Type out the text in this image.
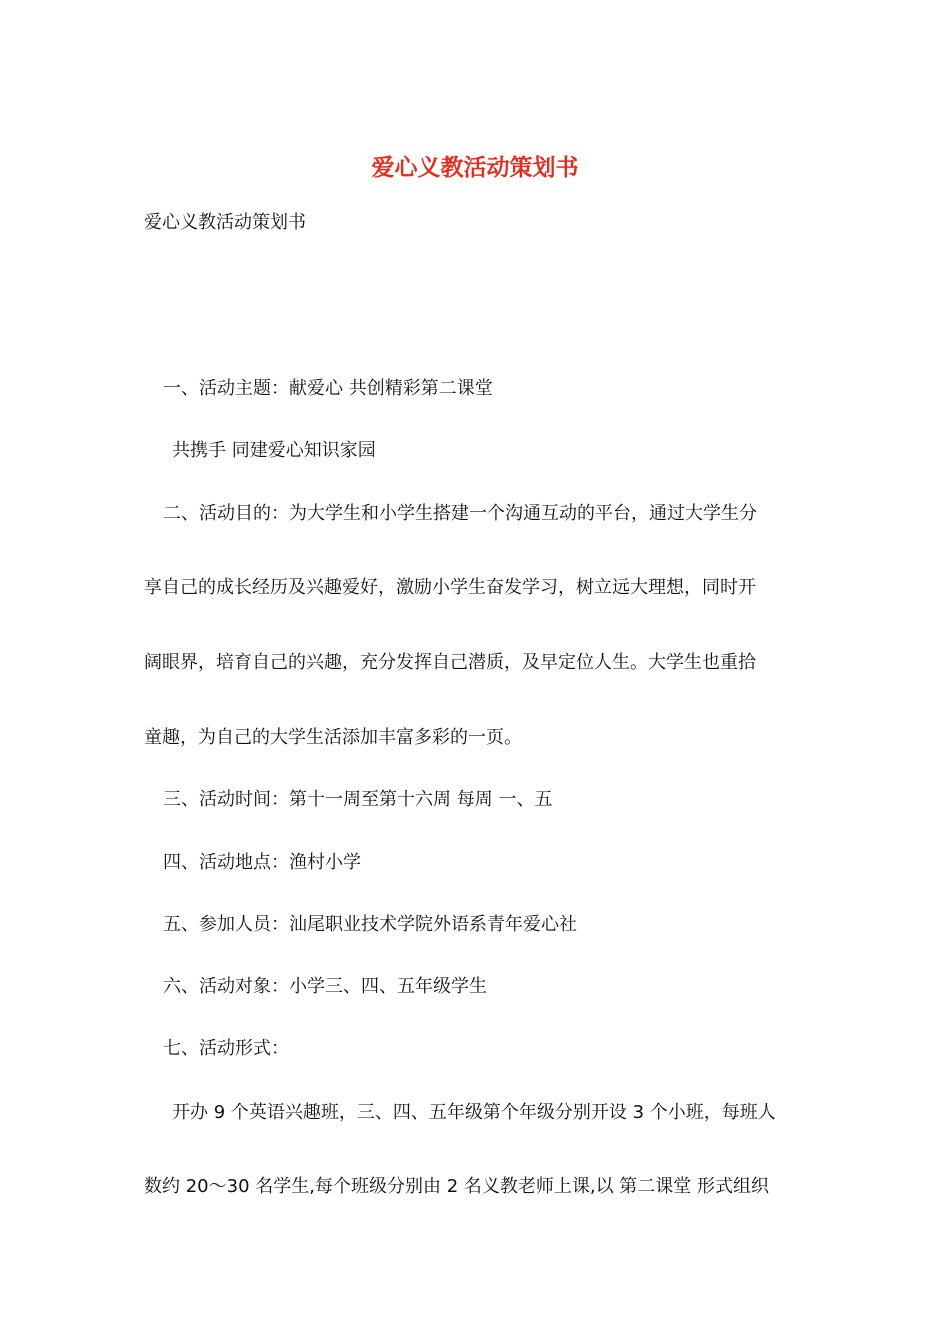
爱心义教活动策划书
爱心义教活动策划书
一、活动主题：献爱心 共创精彩第二课堂
共携手 同建爱心知识家园
二、活动目的：为大学生和小学生搭建一个沟通互动的平台，通过大学生分
享自己的成长经历及兴趣爱好，激励小学生奋发学习，树立远大理想，同时开
阔眼界，培育自己的兴趣，充分发挥自己潜质，及早定位人生。大学生也重拾
童趣，为自己的大学生活添加丰富多彩的一页。
三、活动时间：第十一周至第十六周 每周 一、五
四、活动地点：渔村小学
五、参加人员：汕尾职业技术学院外语系青年爱心社
六、活动对象：小学三、四、五年级学生
七、活动形式：
开办 9 个英语兴趣班，三、四、五年级第个年级分别开设 3 个小班，每班人
数约 20～30 名学生,每个班级分别由 2 名义教老师上课,以 第二课堂 形式组织
